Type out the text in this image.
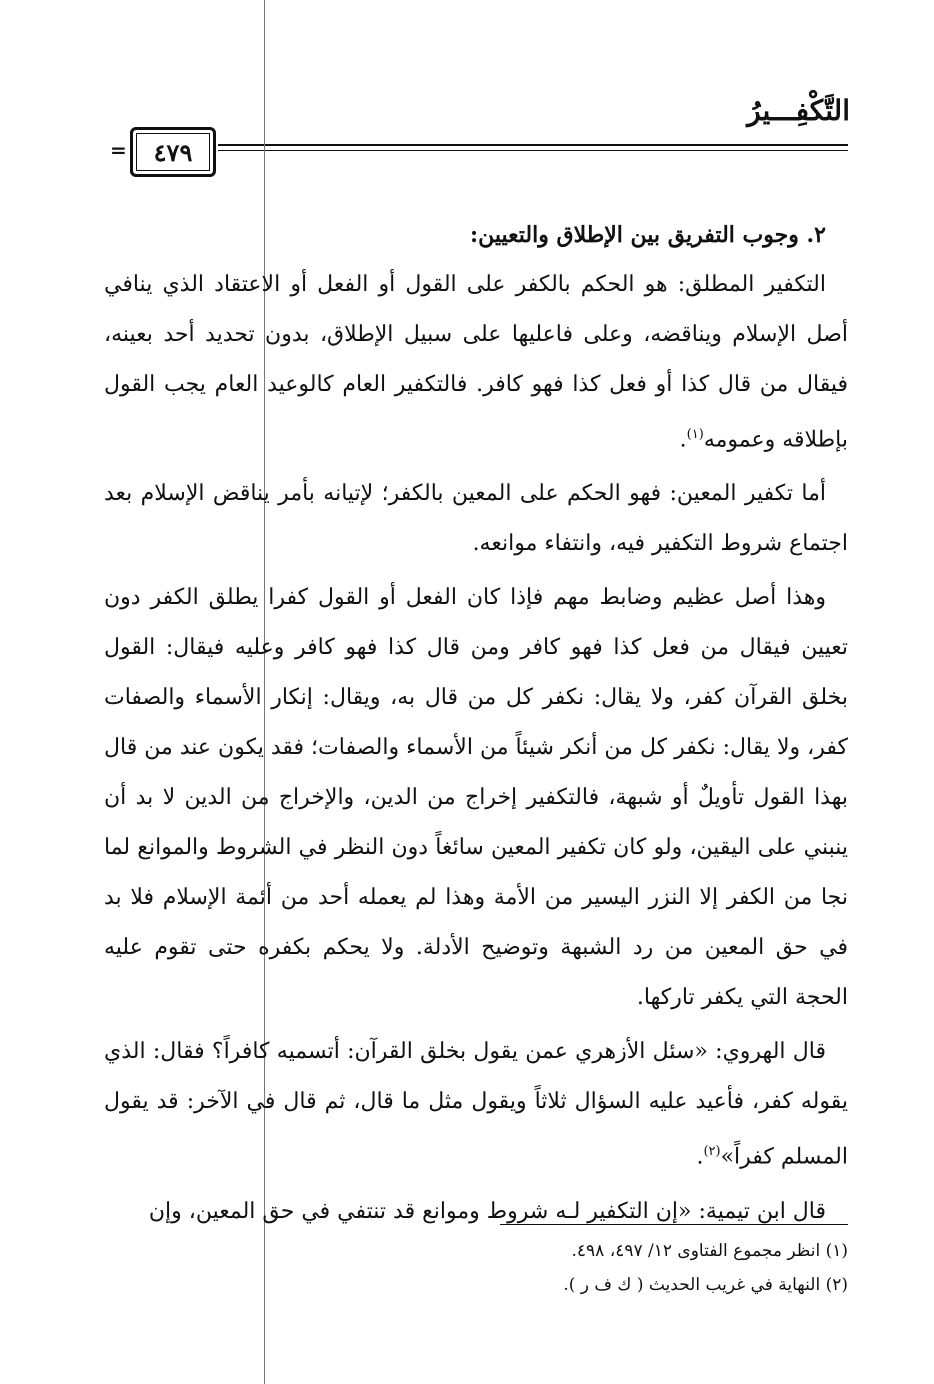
التَّكْفِـــيرُ
=	٤٧٩
٢. وجوب التفريق بين الإطلاق والتعيين:

التكفير المطلق: هو الحكم بالكفر على القول أو الفعل أو الاعتقاد الذي ينافي أصل الإسلام ويناقضه، وعلى فاعليها على سبيل الإطلاق، بدون تحديد أحد بعينه، فيقال من قال كذا أو فعل كذا فهو كافر. فالتكفير العام كالوعيد العام يجب القول بإطلاقه وعمومه$^{(١)}$.

أما تكفير المعين: فهو الحكم على المعين بالكفر؛ لإتيانه بأمر يناقض الإسلام بعد اجتماع شروط التكفير فيه، وانتفاء موانعه.

وهذا أصل عظيم وضابط مهم فإذا كان الفعل أو القول كفرا يطلق الكفر دون تعيين فيقال من فعل كذا فهو كافر ومن قال كذا فهو كافر وعليه فيقال: القول بخلق القرآن كفر، ولا يقال: نكفر كل من قال به، ويقال: إنكار الأسماء والصفات كفر، ولا يقال: نكفر كل من أنكر شيئاً من الأسماء والصفات؛ فقد يكون عند من قال بهذا القول تأويلٌ أو شبهة، فالتكفير إخراج من الدين، والإخراج من الدين لا بد أن ينبني على اليقين، ولو كان تكفير المعين سائغاً دون النظر في الشروط والموانع لما نجا من الكفر إلا النزر اليسير من الأمة وهذا لم يعمله أحد من أئمة الإسلام فلا بد في حق المعين من رد الشبهة وتوضيح الأدلة. ولا يحكم بكفره حتى تقوم عليه الحجة التي يكفر تاركها.

قال الهروي: «سئل الأزهري عمن يقول بخلق القرآن: أتسميه كافراً؟ فقال: الذي يقوله كفر، فأعيد عليه السؤال ثلاثاً ويقول مثل ما قال، ثم قال في الآخر: قد يقول المسلم كفراً»$^{(٢)}$.

قال ابن تيمية: «إن التكفير لـه شروط وموانع قد تنتفي في حق المعين، وإن

(١) انظر مجموع الفتاوى ١٢/ ٤٩٧، ٤٩٨.
(٢) النهاية في غريب الحديث ( ك ف ر ).
